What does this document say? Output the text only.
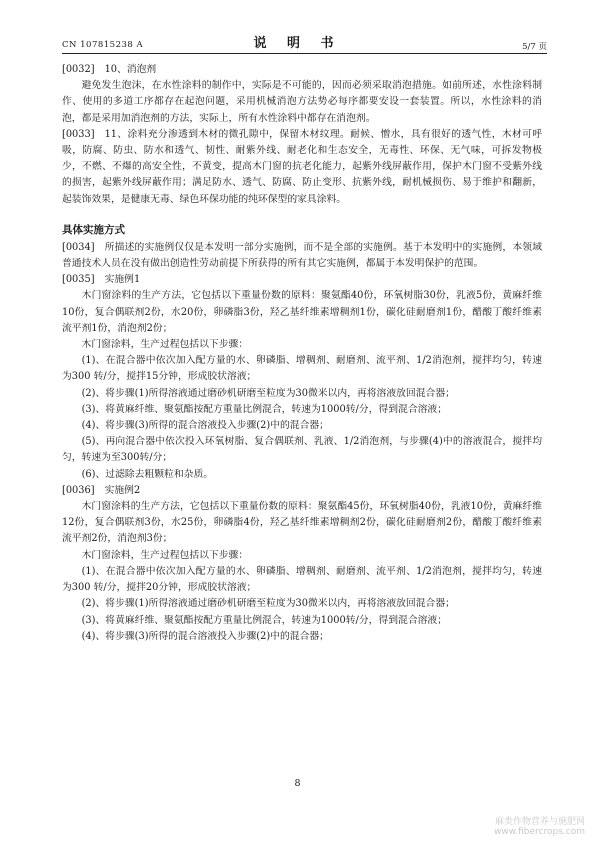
CN 107815238 A	说 明 书	5/7 页

[0032] 10、消泡剂

避免发生泡沫，在水性涂料的制作中，实际是不可能的，因而必须采取消泡措施。如前所述，水性涂料制作、使用的多道工序都存在起泡问题，采用机械消泡方法势必每序都要安设一套装置。所以，水性涂料的消泡，都是采用加消泡剂的方法，实际上，所有水性涂料中都存在消泡剂。

[0033] 11、涂料充分渗透到木材的微孔隙中，保留木材纹理。耐候、憎水，具有很好的透气性，木材可呼吸，防腐、防虫、防水和透气、韧性、耐紫外线、耐老化和生态安全，无毒性、环保、无气味，可拆发物极少，不燃、不爆的高安全性，不黄变，提高木门窗的抗老化能力，起紫外线屏蔽作用，保护木门窗不受紫外线的损害，起紫外线屏蔽作用；满足防水、透气、防腐、防止变形、抗紫外线，耐机械损伤、易于维护和翻新，起装饰效果，是健康无毒、绿色环保功能的纯环保型的家具涂料。

具体实施方式

[0034] 所描述的实施例仅仅是本发明一部分实施例，而不是全部的实施例。基于本发明中的实施例，本领域普通技术人员在没有做出创造性劳动前提下所获得的所有其它实施例，都属于本发明保护的范围。

[0035] 实施例1

木门窗涂料的生产方法，它包括以下重量份数的原料：聚氨酯40份，环氧树脂30份，乳液5份，黄麻纤维10份，复合偶联剂2份，水20份，卵磷脂3份，羟乙基纤维素增稠剂1份，碳化硅耐磨剂1份，醋酸丁酸纤维素流平剂1份，消泡剂2份；

木门窗涂料，生产过程包括以下步骤：

(1)、在混合器中依次加入配方量的水、卵磷脂、增稠剂、耐磨剂、流平剂、1/2消泡剂，搅拌均匀，转速为300 转/分，搅拌15分钟，形成胶状溶液；

(2)、将步骤(1)所得溶液通过磨砂机研磨至粒度为30微米以内，再将溶液放回混合器；

(3)、将黄麻纤维、聚氨酯按配方重量比例混合，转速为1000转/分，得到混合溶液；

(4)、将步骤(3)所得的混合溶液投入步骤(2)中的混合器；

(5)、再向混合器中依次投入环氧树脂、复合偶联剂、乳液、1/2消泡剂，与步骤(4)中的溶液混合，搅拌均匀，转速为至300转/分；

(6)、过滤除去粗颗粒和杂质。

[0036] 实施例2

木门窗涂料的生产方法，它包括以下重量份数的原料：聚氨酯45份，环氧树脂40份，乳液10份，黄麻纤维12份，复合偶联剂3份，水25份，卵磷脂4份，羟乙基纤维素增稠剂2份，碳化硅耐磨剂2份，醋酸丁酸纤维素流平剂2份，消泡剂3份；

木门窗涂料，生产过程包括以下步骤：

(1)、在混合器中依次加入配方量的水、卵磷脂、增稠剂、耐磨剂、流平剂、1/2消泡剂，搅拌均匀，转速为300 转/分，搅拌20分钟，形成胶状溶液；

(2)、将步骤(1)所得溶液通过磨砂机研磨至粒度为30微米以内，再将溶液放回混合器；

(3)、将黄麻纤维、聚氨酯按配方重量比例混合，转速为1000转/分，得到混合溶液；

(4)、将步骤(3)所得的混合溶液投入步骤(2)中的混合器；

8
麻类作物营养与施肥网
www.fibercrops.com
